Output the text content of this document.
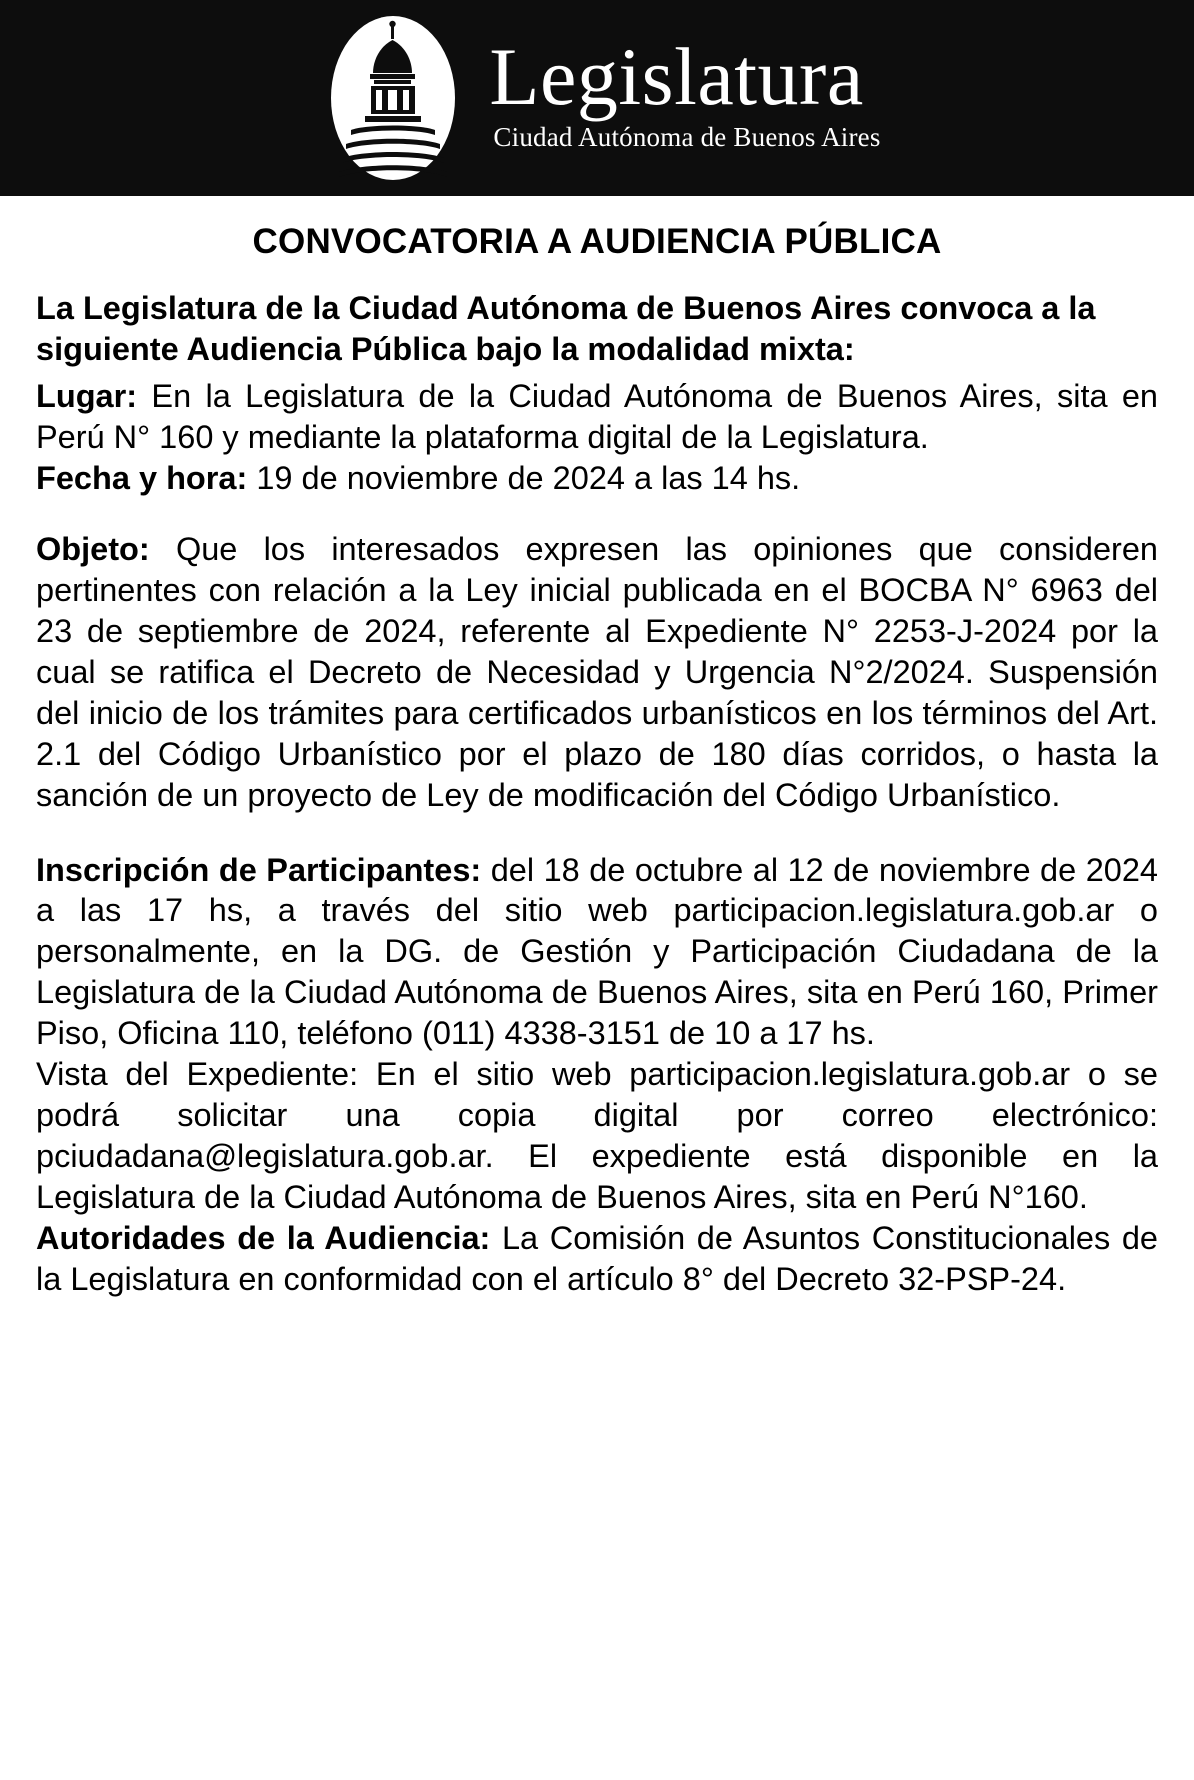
Legislatura
Ciudad Autónoma de Buenos Aires
CONVOCATORIA A AUDIENCIA PÚBLICA

La Legislatura de la Ciudad Autónoma de Buenos Aires convoca a la siguiente Audiencia Pública bajo la modalidad mixta:

Lugar: En la Legislatura de la Ciudad Autónoma de Buenos Aires, sita en Perú N° 160 y mediante la plataforma digital de la Legislatura.

Fecha y hora: 19 de noviembre de 2024 a las 14 hs.

Objeto: Que los interesados expresen las opiniones que consideren pertinentes con relación a la Ley inicial publicada en el BOCBA N° 6963 del 23 de septiembre de 2024, referente al Expediente N° 2253-J-2024 por la cual se ratifica el Decreto de Necesidad y Urgencia N°2/2024. Suspensión del inicio de los trámites para certificados urbanísticos en los términos del Art. 2.1 del Código Urbanístico por el plazo de 180 días corridos, o hasta la sanción de un proyecto de Ley de modificación del Código Urbanístico.

Inscripción de Participantes: del 18 de octubre al 12 de noviembre de 2024 a las 17 hs, a través del sitio web participacion.legislatura.gob.ar o personalmente, en la DG. de Gestión y Participación Ciudadana de la Legislatura de la Ciudad Autónoma de Buenos Aires, sita en Perú 160, Primer Piso, Oficina 110, teléfono (011) 4338-3151 de 10 a 17 hs.

Vista del Expediente: En el sitio web participacion.legislatura.gob.ar o se podrá solicitar una copia digital por correo electrónico: pciudadana@legislatura.gob.ar. El expediente está disponible en la Legislatura de la Ciudad Autónoma de Buenos Aires, sita en Perú N°160.

Autoridades de la Audiencia: La Comisión de Asuntos Constitucionales de la Legislatura en conformidad con el artículo 8° del Decreto 32-PSP-24.
